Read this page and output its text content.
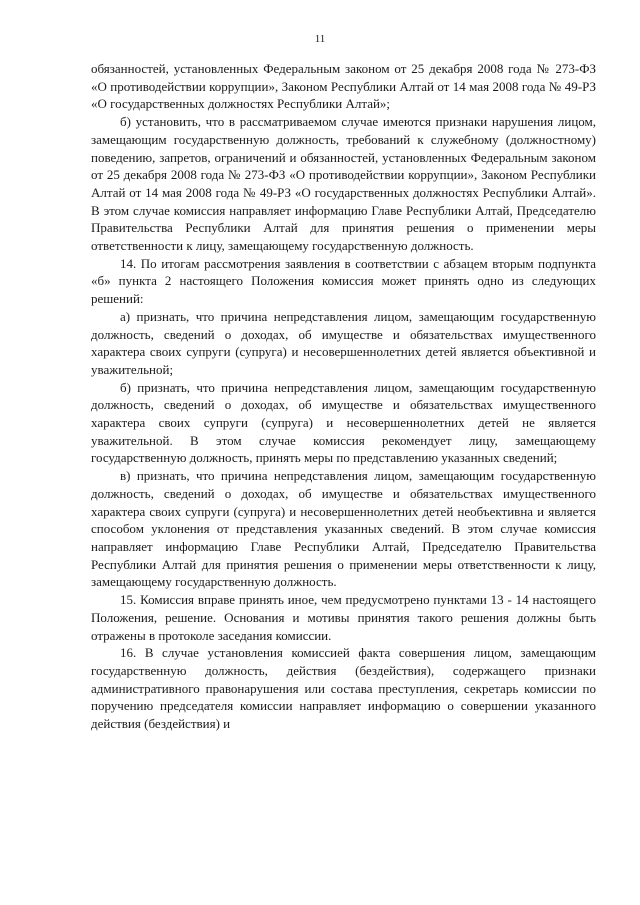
11

обязанностей, установленных Федеральным законом от 25 декабря 2008 года № 273-ФЗ «О противодействии коррупции», Законом Республики Алтай от 14 мая 2008 года № 49-РЗ «О государственных должностях Республики Алтай»;

б) установить, что в рассматриваемом случае имеются признаки нарушения лицом, замещающим государственную должность, требований к служебному (должностному) поведению, запретов, ограничений и обязанностей, установленных Федеральным законом от 25 декабря 2008 года № 273-ФЗ «О противодействии коррупции», Законом Республики Алтай от 14 мая 2008 года № 49-РЗ «О государственных должностях Республики Алтай». В этом случае комиссия направляет информацию Главе Республики Алтай, Председателю Правительства Республики Алтай для принятия решения о применении меры ответственности к лицу, замещающему государственную должность.

14. По итогам рассмотрения заявления в соответствии с абзацем вторым подпункта «б» пункта 2 настоящего Положения комиссия может принять одно из следующих решений:

а) признать, что причина непредставления лицом, замещающим государственную должность, сведений о доходах, об имуществе и обязательствах имущественного характера своих супруги (супруга) и несовершеннолетних детей является объективной и уважительной;

б) признать, что причина непредставления лицом, замещающим государственную должность, сведений о доходах, об имуществе и обязательствах имущественного характера своих супруги (супруга) и несовершеннолетних детей не является уважительной. В этом случае комиссия рекомендует лицу, замещающему государственную должность, принять меры по представлению указанных сведений;

в) признать, что причина непредставления лицом, замещающим государственную должность, сведений о доходах, об имуществе и обязательствах имущественного характера своих супруги (супруга) и несовершеннолетних детей необъективна и является способом уклонения от представления указанных сведений. В этом случае комиссия направляет информацию Главе Республики Алтай, Председателю Правительства Республики Алтай для принятия решения о применении меры ответственности к лицу, замещающему государственную должность.

15. Комиссия вправе принять иное, чем предусмотрено пунктами 13 - 14 настоящего Положения, решение. Основания и мотивы принятия такого решения должны быть отражены в протоколе заседания комиссии.

16. В случае установления комиссией факта совершения лицом, замещающим государственную должность, действия (бездействия), содержащего признаки административного правонарушения или состава преступления, секретарь комиссии по поручению председателя комиссии направляет информацию о совершении указанного действия (бездействия) и
